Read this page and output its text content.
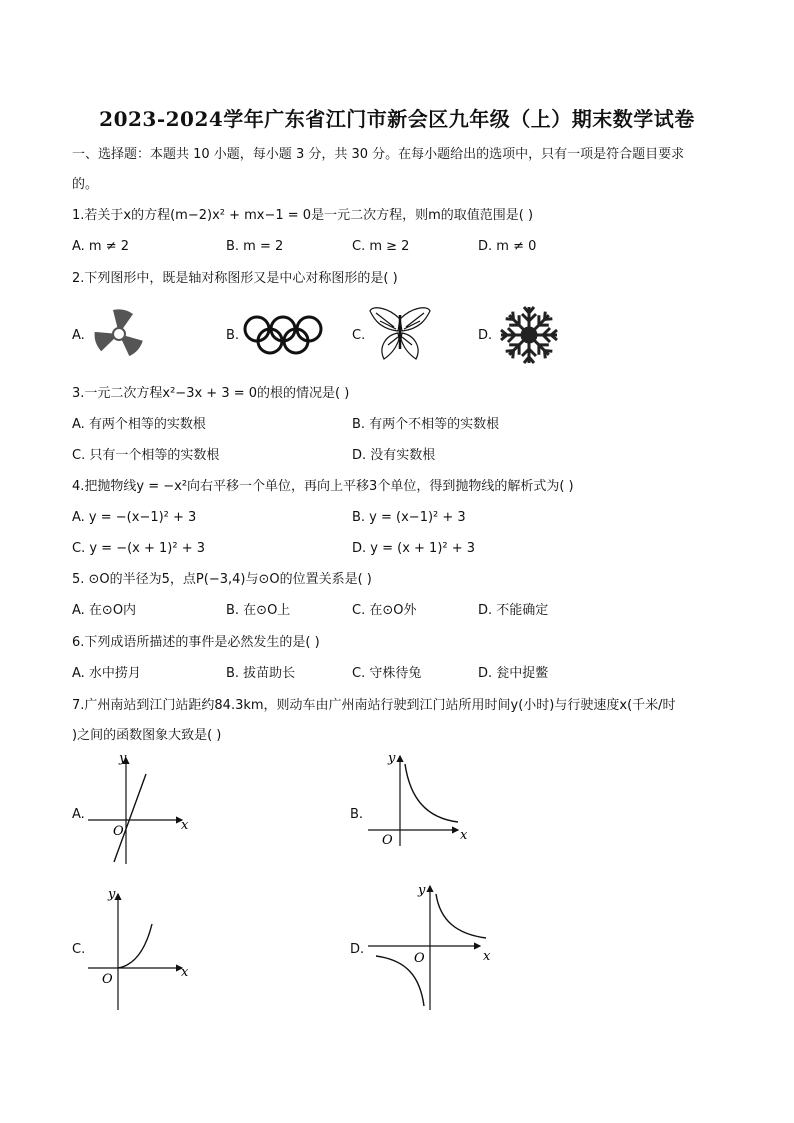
2023-2024学年广东省江门市新会区九年级（上）期末数学试卷
一、选择题：本题共 10 小题，每小题 3 分，共 30 分。在每小题给出的选项中，只有一项是符合题目要求
的。
1.若关于x的方程(m−2)x² + mx−1 = 0是一元二次方程，则m的取值范围是( )
A. m ≠ 2	B. m = 2	C. m ≥ 2	D. m ≠ 0
2.下列图形中，既是轴对称图形又是中心对称图形的是( )
A.	B.	C.	D.
3.一元二次方程x²−3x + 3 = 0的根的情况是( )
A. 有两个相等的实数根	B. 有两个不相等的实数根
C. 只有一个相等的实数根	D. 没有实数根
4.把抛物线y = −x²向右平移一个单位，再向上平移3个单位，得到抛物线的解析式为( )
A. y = −(x−1)² + 3	B. y = (x−1)² + 3
C. y = −(x + 1)² + 3	D. y = (x + 1)² + 3
5. ⊙O的半径为5，点P(−3,4)与⊙O的位置关系是( )
A. 在⊙O内	B. 在⊙O上	C. 在⊙O外	D. 不能确定
6.下列成语所描述的事件是必然发生的是( )
A. 水中捞月	B. 拔苗助长	C. 守株待兔	D. 瓮中捉鳖
7.广州南站到江门站距约84.3km，则动车由广州南站行驶到江门站所用时间y(小时)与行驶速度x(千米/时
)之间的函数图象大致是( )
A.
x
y
O
B.
x
y
O
C.
x
y
O
D.	x
y
O
